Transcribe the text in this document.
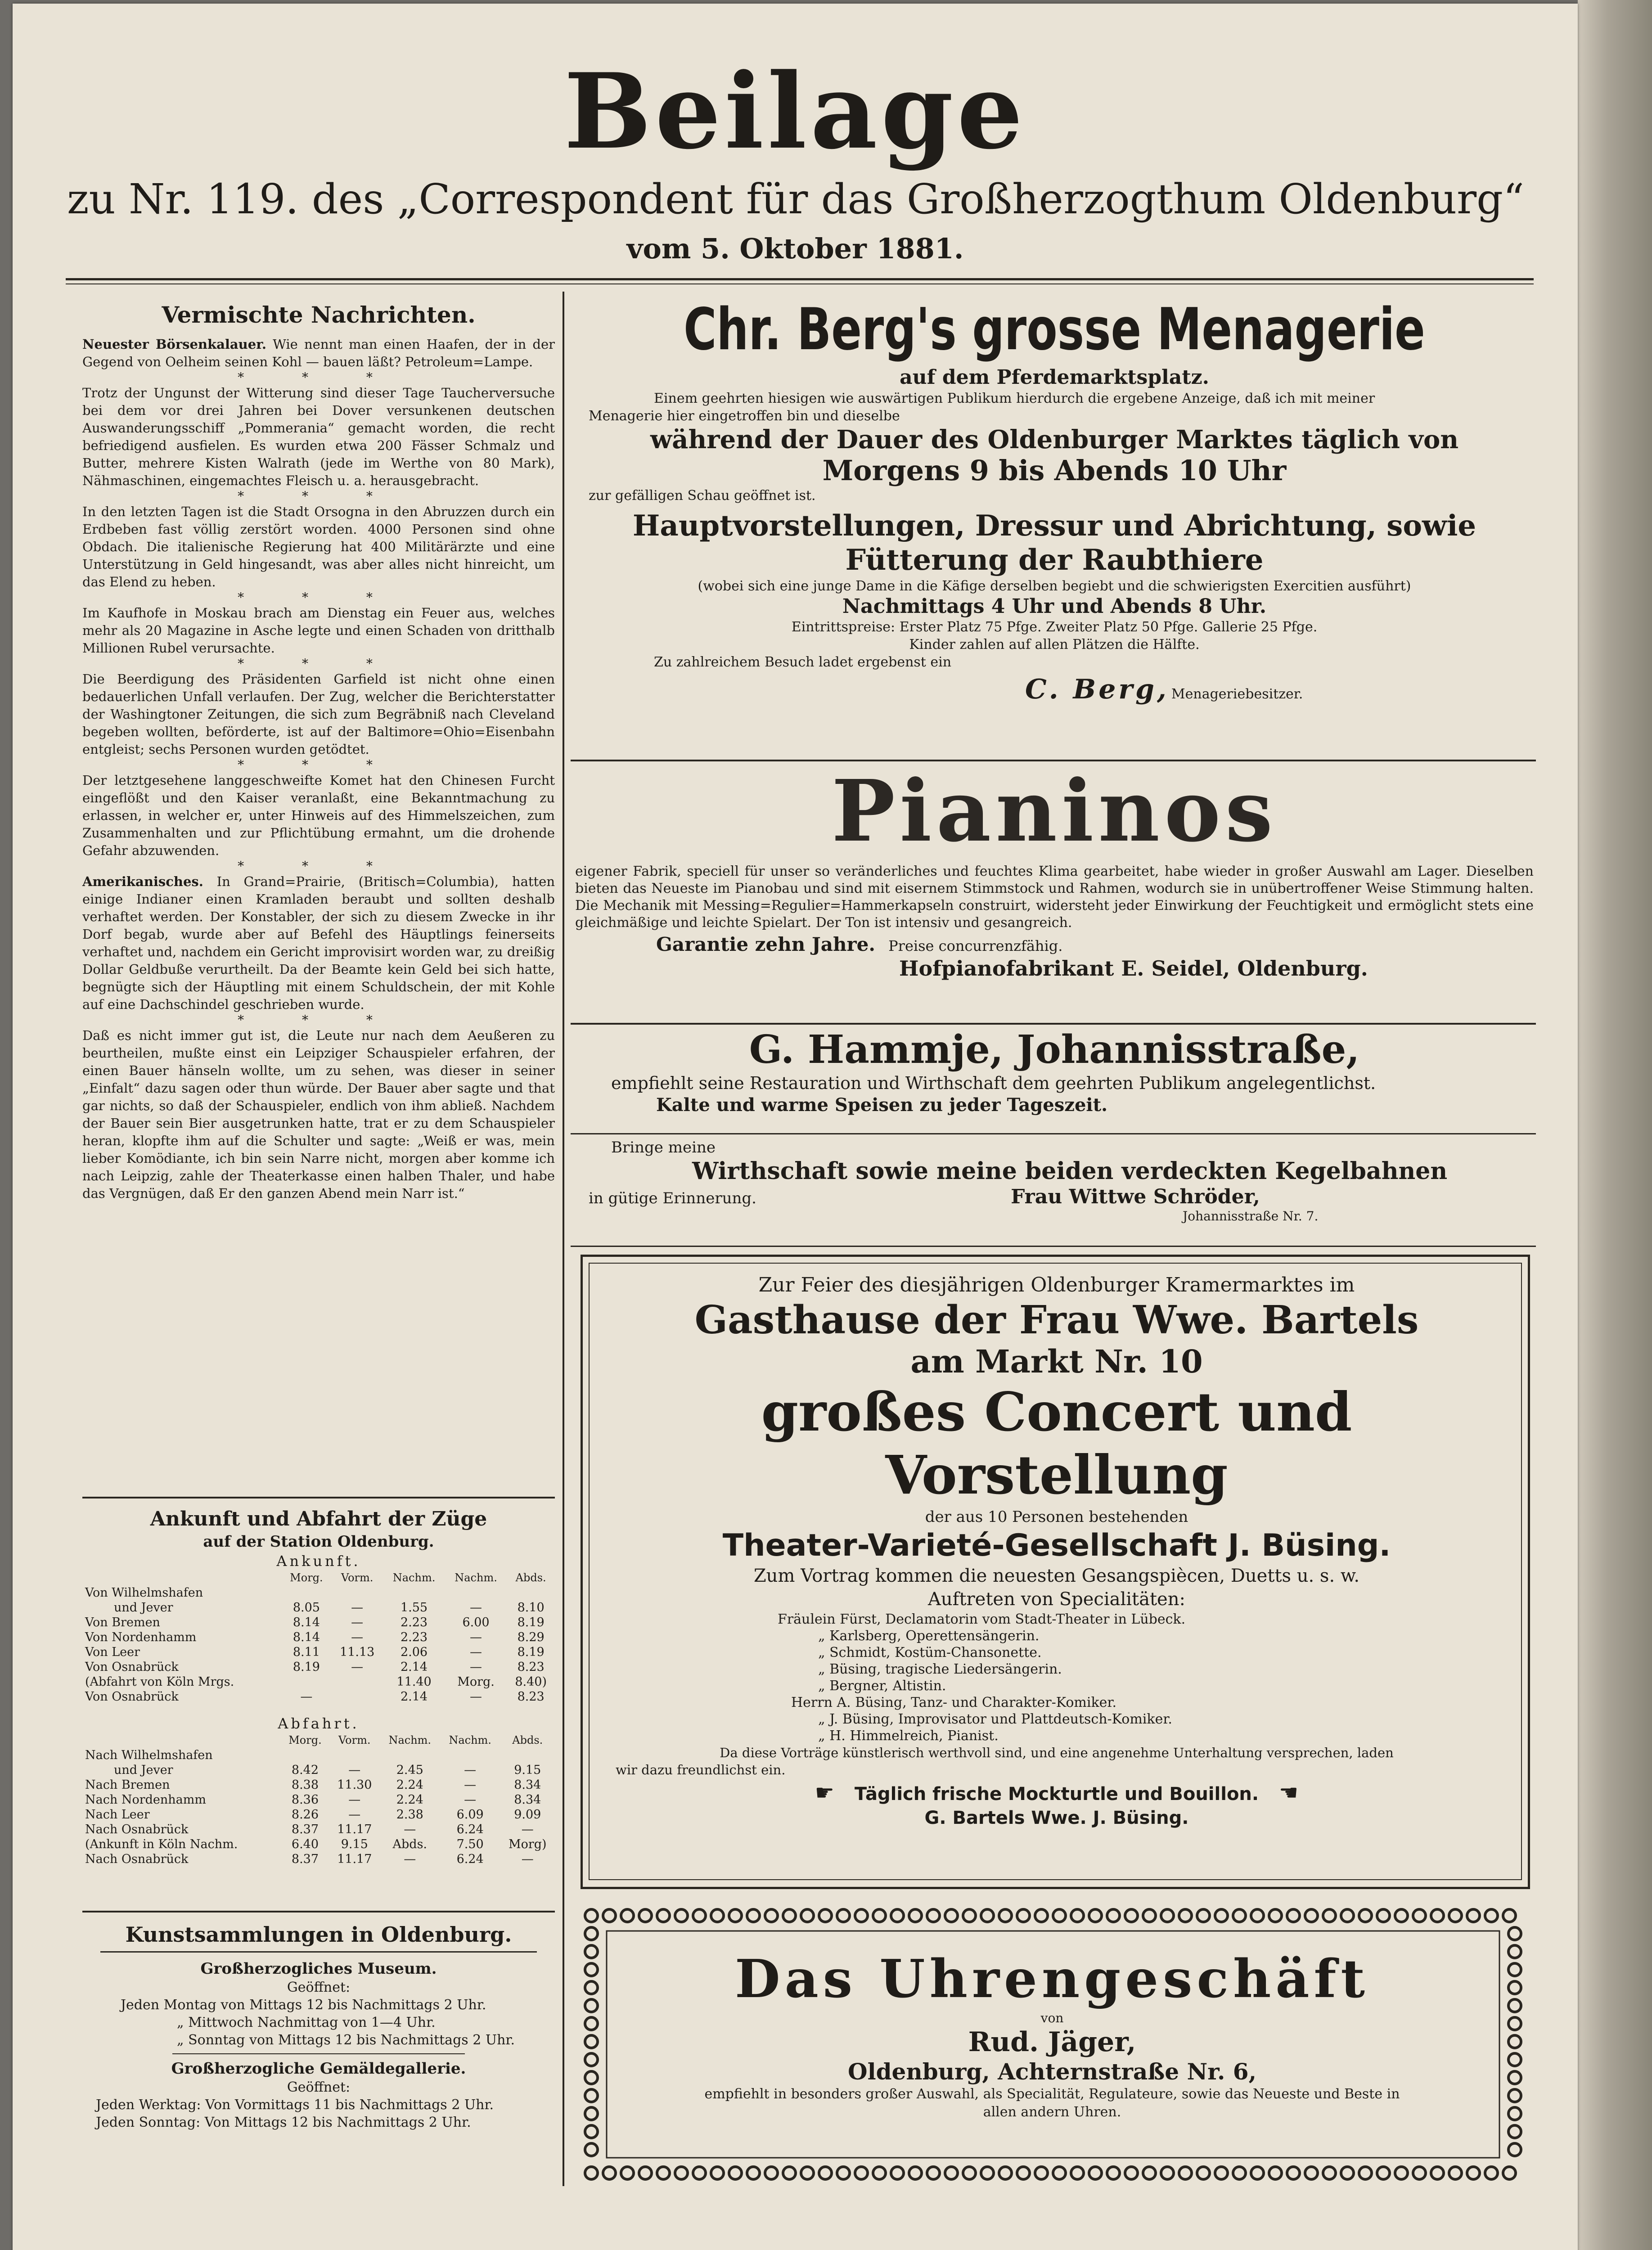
Beilage
zu Nr. 119. des „Correspondent für das Großherzogthum Oldenburg“
vom 5. Oktober 1881.
Vermischte Nachrichten.
Neuester Börsenkalauer. Wie nennt man einen Haafen, der in der Gegend von Oelheim seinen Kohl — bauen läßt? Petroleum=Lampe.
* * *
Trotz der Ungunst der Witterung sind dieser Tage Taucherversuche bei dem vor drei Jahren bei Dover versunkenen deutschen Auswanderungsschiff „Pommerania“ gemacht worden, die recht befriedigend ausfielen. Es wurden etwa 200 Fässer Schmalz und Butter, mehrere Kisten Walrath (jede im Werthe von 80 Mark), Nähmaschinen, eingemachtes Fleisch u. a. herausgebracht.
* * *
In den letzten Tagen ist die Stadt Orsogna in den Abruzzen durch ein Erdbeben fast völlig zerstört worden. 4000 Personen sind ohne Obdach. Die italienische Regierung hat 400 Militärärzte und eine Unterstützung in Geld hingesandt, was aber alles nicht hinreicht, um das Elend zu heben.
* * *
Im Kaufhofe in Moskau brach am Dienstag ein Feuer aus, welches mehr als 20 Magazine in Asche legte und einen Schaden von dritthalb Millionen Rubel verursachte.
* * *
Die Beerdigung des Präsidenten Garfield ist nicht ohne einen bedauerlichen Unfall verlaufen. Der Zug, welcher die Berichterstatter der Washingtoner Zeitungen, die sich zum Begräbniß nach Cleveland begeben wollten, beförderte, ist auf der Baltimore=Ohio=Eisenbahn entgleist; sechs Personen wurden getödtet.
* * *
Der letztgesehene langgeschweifte Komet hat den Chinesen Furcht eingeflößt und den Kaiser veranlaßt, eine Bekanntmachung zu erlassen, in welcher er, unter Hinweis auf des Himmelszeichen, zum Zusammenhalten und zur Pflichtübung ermahnt, um die drohende Gefahr abzuwenden.
* * *
Amerikanisches. In Grand=Prairie, (Britisch=Columbia), hatten einige Indianer einen Kramladen beraubt und sollten deshalb verhaftet werden. Der Konstabler, der sich zu diesem Zwecke in ihr Dorf begab, wurde aber auf Befehl des Häuptlings feinerseits verhaftet und, nachdem ein Gericht improvisirt worden war, zu dreißig Dollar Geldbuße verurtheilt. Da der Beamte kein Geld bei sich hatte, begnügte sich der Häuptling mit einem Schuldschein, der mit Kohle auf eine Dachschindel geschrieben wurde.
* * *
Daß es nicht immer gut ist, die Leute nur nach dem Aeußeren zu beurtheilen, mußte einst ein Leipziger Schauspieler erfahren, der einen Bauer hänseln wollte, um zu sehen, was dieser in seiner „Einfalt“ dazu sagen oder thun würde. Der Bauer aber sagte und that gar nichts, so daß der Schauspieler, endlich von ihm abließ. Nachdem der Bauer sein Bier ausgetrunken hatte, trat er zu dem Schauspieler heran, klopfte ihm auf die Schulter und sagte: „Weiß er was, mein lieber Komödiante, ich bin sein Narre nicht, morgen aber komme ich nach Leipzig, zahle der Theaterkasse einen halben Thaler, und habe das Vergnügen, daß Er den ganzen Abend mein Narr ist.“
Ankunft und Abfahrt der Züge
auf der Station Oldenburg.
Ankunft.
	Morg.	Vorm.	Nachm.	Nachm.	Abds.
Von Wilhelmshafen					
und Jever	8.05	—	1.55	—	8.10
Von Bremen	8.14	—	2.23	6.00	8.19
Von Nordenhamm	8.14	—	2.23	—	8.29
Von Leer	8.11	11.13	2.06	—	8.19
Von Osnabrück	8.19	—	2.14	—	8.23
(Abfahrt von Köln Mrgs.			11.40	Morg.	8.40)
Von Osnabrück	—		2.14	—	8.23
Abfahrt.
	Morg.	Vorm.	Nachm.	Nachm.	Abds.
Nach Wilhelmshafen					
und Jever	8.42	—	2.45	—	9.15
Nach Bremen	8.38	11.30	2.24	—	8.34
Nach Nordenhamm	8.36	—	2.24	—	8.34
Nach Leer	8.26	—	2.38	6.09	9.09
Nach Osnabrück	8.37	11.17	—	6.24	—
(Ankunft in Köln Nachm.	6.40	9.15	Abds.	7.50	Morg)
Nach Osnabrück	8.37	11.17	—	6.24	—
Kunstsammlungen in Oldenburg.
Großherzogliches Museum.
Geöffnet:
Jeden Montag von Mittags 12 bis Nachmittags 2 Uhr.
„ Mittwoch Nachmittag von 1—4 Uhr.
„ Sonntag von Mittags 12 bis Nachmittags 2 Uhr.
Großherzogliche Gemäldegallerie.
Geöffnet:
Jeden Werktag: Von Vormittags 11 bis Nachmittags 2 Uhr.
Jeden Sonntag: Von Mittags 12 bis Nachmittags 2 Uhr.
Chr. Berg's grosse Menagerie
auf dem Pferdemarktsplatz.
Einem geehrten hiesigen wie auswärtigen Publikum hierdurch die ergebene Anzeige, daß ich mit meiner
Menagerie hier eingetroffen bin und dieselbe
während der Dauer des Oldenburger Marktes täglich von
Morgens 9 bis Abends 10 Uhr
zur gefälligen Schau geöffnet ist.
Hauptvorstellungen, Dressur und Abrichtung, sowie
Fütterung der Raubthiere
(wobei sich eine junge Dame in die Käfige derselben begiebt und die schwierigsten Exercitien ausführt)
Nachmittags 4 Uhr und Abends 8 Uhr.
Eintrittspreise: Erster Platz 75 Pfge. Zweiter Platz 50 Pfge. Gallerie 25 Pfge.
Kinder zahlen auf allen Plätzen die Hälfte.
Zu zahlreichem Besuch ladet ergebenst ein
C. Berg, Menageriebesitzer.
Pianinos
eigener Fabrik, speciell für unser so veränderliches und feuchtes Klima gearbeitet, habe wieder in großer Auswahl am Lager. Dieselben bieten das Neueste im Pianobau und sind mit eisernem Stimmstock und Rahmen, wodurch sie in unübertroffener Weise Stimmung halten. Die Mechanik mit Messing=Regulier=Hammerkapseln construirt, widersteht jeder Einwirkung der Feuchtigkeit und ermöglicht stets eine gleichmäßige und leichte Spielart. Der Ton ist intensiv und gesangreich.
Garantie zehn Jahre. Preise concurrenzfähig.
Hofpianofabrikant E. Seidel, Oldenburg.
G. Hammje, Johannisstraße,
empfiehlt seine Restauration und Wirthschaft dem geehrten Publikum angelegentlichst.
Kalte und warme Speisen zu jeder Tageszeit.
Bringe meine
Wirthschaft sowie meine beiden verdeckten Kegelbahnen
in gütige Erinnerung.	Frau Wittwe Schröder,
Johannisstraße Nr. 7.
Zur Feier des diesjährigen Oldenburger Kramermarktes im
Gasthause der Frau Wwe. Bartels
am Markt Nr. 10
großes Concert und Vorstellung
der aus 10 Personen bestehenden
Theater-Varieté-Gesellschaft J. Büsing.
Zum Vortrag kommen die neuesten Gesangspiècen, Duetts u. s. w.
Auftreten von Specialitäten:
Fräulein Fürst, Declamatorin vom Stadt-Theater in Lübeck.
„ Karlsberg, Operettensängerin.
„ Schmidt, Kostüm-Chansonette.
„ Büsing, tragische Liedersängerin.
„ Bergner, Altistin.
Herrn A. Büsing, Tanz- und Charakter-Komiker.
„ J. Büsing, Improvisator und Plattdeutsch-Komiker.
„ H. Himmelreich, Pianist.
Da diese Vorträge künstlerisch werthvoll sind, und eine angenehme Unterhaltung versprechen, laden
wir dazu freundlichst ein.
☛ Täglich frische Mockturtle und Bouillon. ☛
G. Bartels Wwe. J. Büsing.
Das Uhrengeschäft
von
Rud. Jäger,
Oldenburg, Achternstraße Nr. 6,
empfiehlt in besonders großer Auswahl, als Specialität, Regulateure, sowie das Neueste und Beste in
allen andern Uhren.
